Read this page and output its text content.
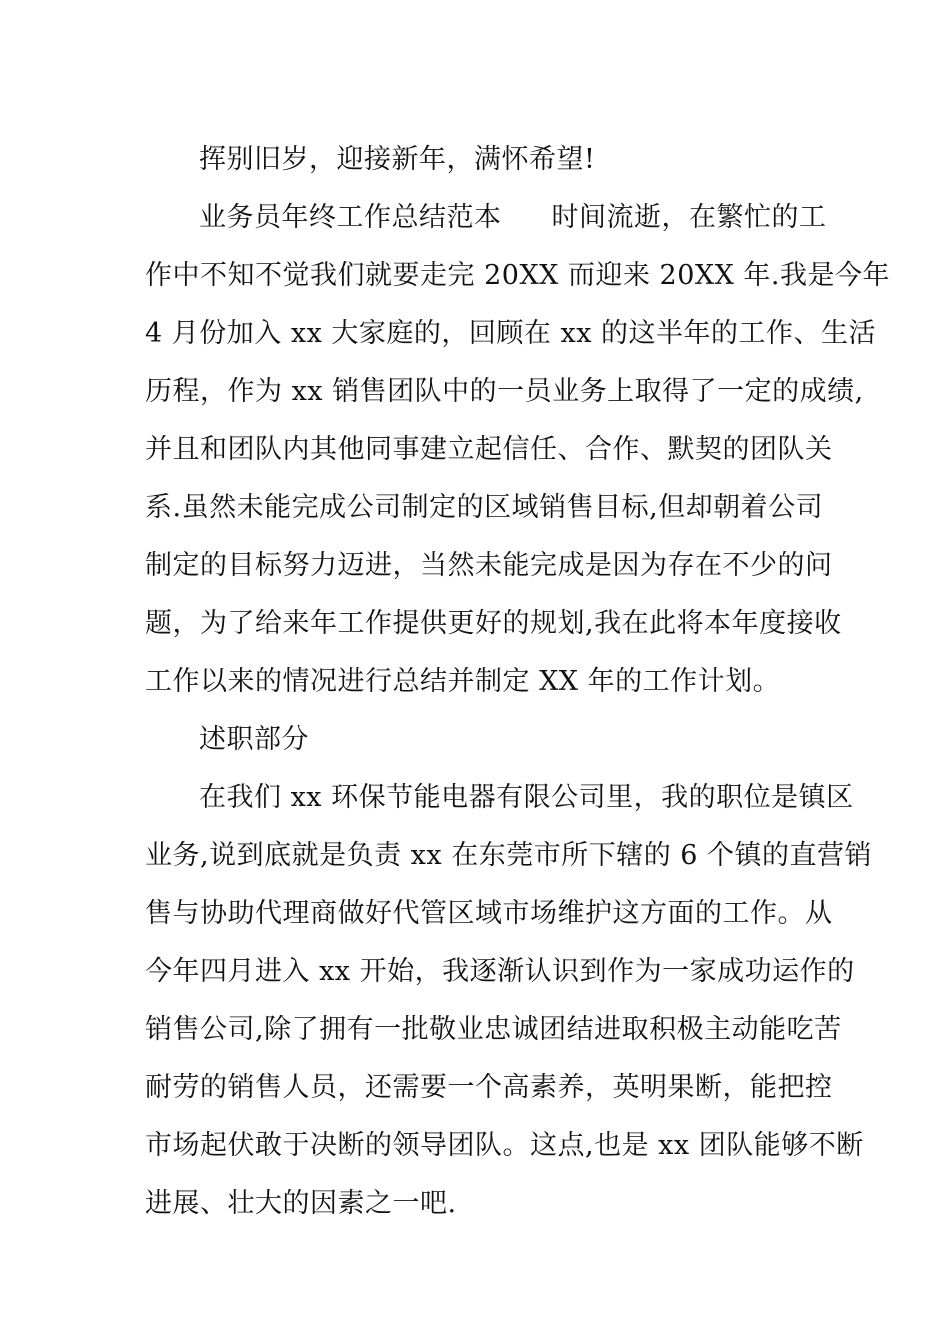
挥别旧岁，迎接新年，满怀希望!
业务员年终工作总结范本 时间流逝，在繁忙的工
作中不知不觉我们就要走完 20XX 而迎来 20XX 年.我是今年
4 月份加入 xx 大家庭的，回顾在 xx 的这半年的工作、生活
历程，作为 xx 销售团队中的一员业务上取得了一定的成绩,
并且和团队内其他同事建立起信任、合作、默契的团队关
系.虽然未能完成公司制定的区域销售目标,但却朝着公司
制定的目标努力迈进，当然未能完成是因为存在不少的问
题，为了给来年工作提供更好的规划,我在此将本年度接收
工作以来的情况进行总结并制定 XX 年的工作计划。
述职部分
在我们 xx 环保节能电器有限公司里，我的职位是镇区
业务,说到底就是负责 xx 在东莞市所下辖的 6 个镇的直营销
售与协助代理商做好代管区域市场维护这方面的工作。从
今年四月进入 xx 开始，我逐渐认识到作为一家成功运作的
销售公司,除了拥有一批敬业忠诚团结进取积极主动能吃苦
耐劳的销售人员，还需要一个高素养，英明果断，能把控
市场起伏敢于决断的领导团队。这点,也是 xx 团队能够不断
进展、壮大的因素之一吧.
